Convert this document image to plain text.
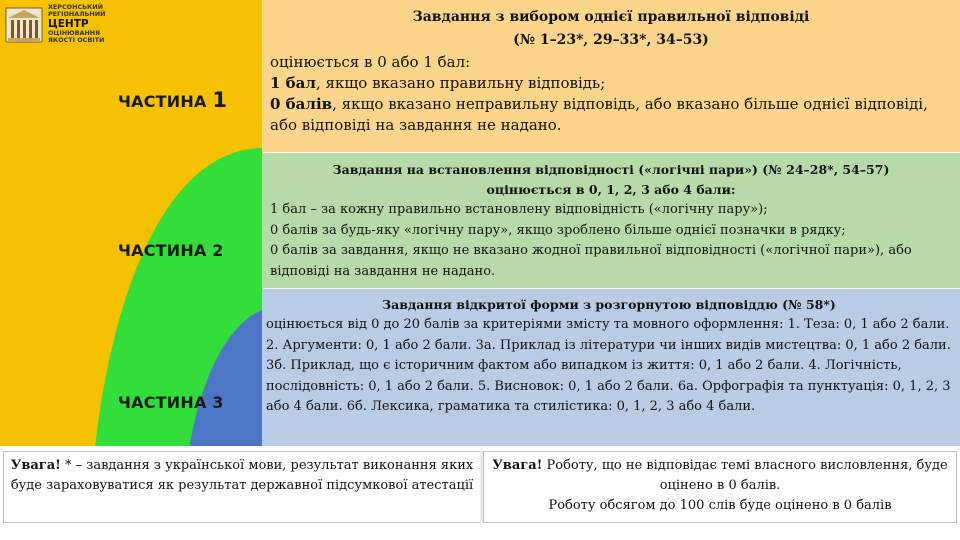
ХЕРСОНСЬКИЙ
РЕГІОНАЛЬНИЙ
ЦЕНТР
ОЦІНЮВАННЯ
ЯКОСТІ ОСВІТИ
ЧАСТИНА 1
ЧАСТИНА 2
ЧАСТИНА 3
Завдання з вибором однієї правильної відповіді
(№ 1–23*, 29–33*, 34–53)

оцінюється в 0 або 1 бал:

1 бал, якщо вказано правильну відповідь;

0 балів, якщо вказано неправильну відповідь, або вказано більше однієї відповіді, або відповіді на завдання не надано.

Завдання на встановлення відповідності («логічні пари») (№ 24–28*, 54–57)
оцінюється в 0, 1, 2, 3 або 4 бали:

1 бал – за кожну правильно встановлену відповідність («логічну пару»);

0 балів за будь-яку «логічну пару», якщо зроблено більше однієї позначки в рядку;

0 балів за завдання, якщо не вказано жодної правильної відповідності («логічної пари»), або відповіді на завдання не надано.

Завдання відкритої форми з розгорнутою відповіддю (№ 58*)

оцінюється від 0 до 20 балів за критеріями змісту та мовного оформлення: 1. Теза: 0, 1 або 2 бали. 2. Аргументи: 0, 1 або 2 бали. 3а. Приклад із літератури чи інших видів мистецтва: 0, 1 або 2 бали. 3б. Приклад, що є історичним фактом або випадком із життя: 0, 1 або 2 бали. 4. Логічність, послідовність: 0, 1 або 2 бали. 5. Висновок: 0, 1 або 2 бали. 6а. Орфографія та пунктуація: 0, 1, 2, 3 або 4 бали. 6б. Лексика, граматика та стилістика: 0, 1, 2, 3 або 4 бали.

Увага! * – завдання з української мови, результат виконання яких буде зараховуватися як результат державної підсумкової атестації
Увага! Роботу, що не відповідає темі власного висловлення, буде оцінено в 0 балів.
Роботу обсягом до 100 слів буде оцінено в 0 балів
